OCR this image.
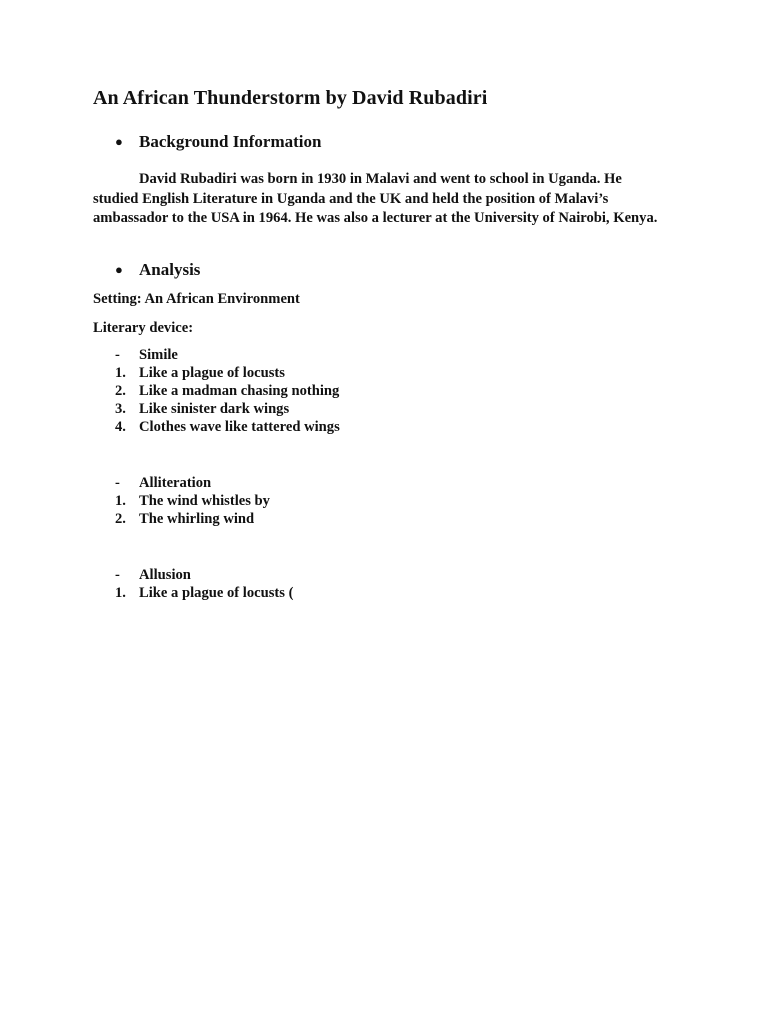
An African Thunderstorm by David Rubadiri
● Background Information
David Rubadiri was born in 1930 in Malavi and went to school in Uganda. He studied English Literature in Uganda and the UK and held the position of Malavi’s ambassador to the USA in 1964. He was also a lecturer at the University of Nairobi, Kenya.
● Analysis
Setting: An African Environment
Literary device:
- Simile
1. Like a plague of locusts
2. Like a madman chasing nothing
3. Like sinister dark wings
4. Clothes wave like tattered wings
- Alliteration
1. The wind whistles by
2. The whirling wind
- Allusion
1. Like a plague of locusts (
